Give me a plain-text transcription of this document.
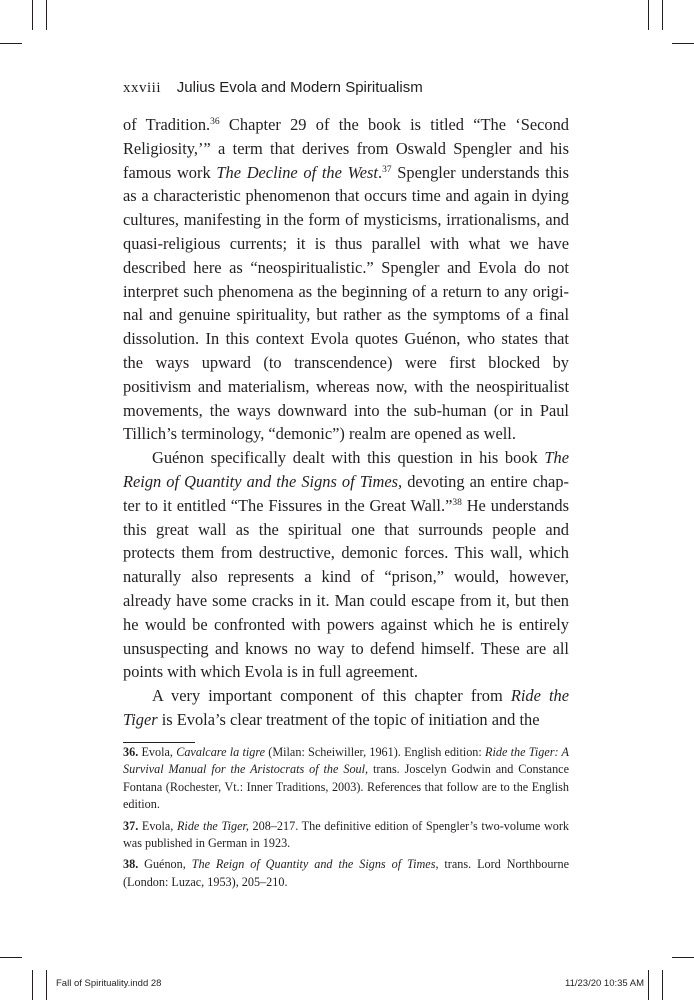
xxviii Julius Evola and Modern Spiritualism

of Tradition.$^{36}$ Chapter 29 of the book is titled “The ‘Second Religiosity,’” a term that derives from Oswald Spengler and his famous work The Decline of the West.$^{37}$ Spengler understands this as a characteristic phenomenon that occurs time and again in dying cultures, manifesting in the form of mysticisms, irrationalisms, and quasi-religious currents; it is thus parallel with what we have described here as “neospiritualistic.” Spengler and Evola do not interpret such phenomena as the beginning of a return to any original and genuine spirituality, but rather as the symptoms of a final dissolution. In this context Evola quotes Guénon, who states that the ways upward (to transcendence) were first blocked by positivism and materialism, whereas now, with the neospiritualist movements, the ways downward into the sub-human (or in Paul Tillich’s terminology, “demonic”) realm are opened as well.

Guénon specifically dealt with this question in his book The Reign of Quantity and the Signs of Times, devoting an entire chapter to it entitled “The Fissures in the Great Wall.”$^{38}$ He understands this great wall as the spiritual one that surrounds people and protects them from destructive, demonic forces. This wall, which naturally also represents a kind of “prison,” would, however, already have some cracks in it. Man could escape from it, but then he would be confronted with powers against which he is entirely unsuspecting and knows no way to defend himself. These are all points with which Evola is in full agreement.

A very important component of this chapter from Ride the Tiger is Evola’s clear treatment of the topic of initiation and the

36. Evola, Cavalcare la tigre (Milan: Scheiwiller, 1961). English edition: Ride the Tiger: A Survival Manual for the Aristocrats of the Soul, trans. Joscelyn Godwin and Constance Fontana (Rochester, Vt.: Inner Traditions, 2003). References that follow are to the English edition.

37. Evola, Ride the Tiger, 208–217. The definitive edition of Spengler’s two-volume work was published in German in 1923.

38. Guénon, The Reign of Quantity and the Signs of Times, trans. Lord Northbourne (London: Luzac, 1953), 205–210.

Fall of Spirituality.indd 28	11/23/20 10:35 AM
